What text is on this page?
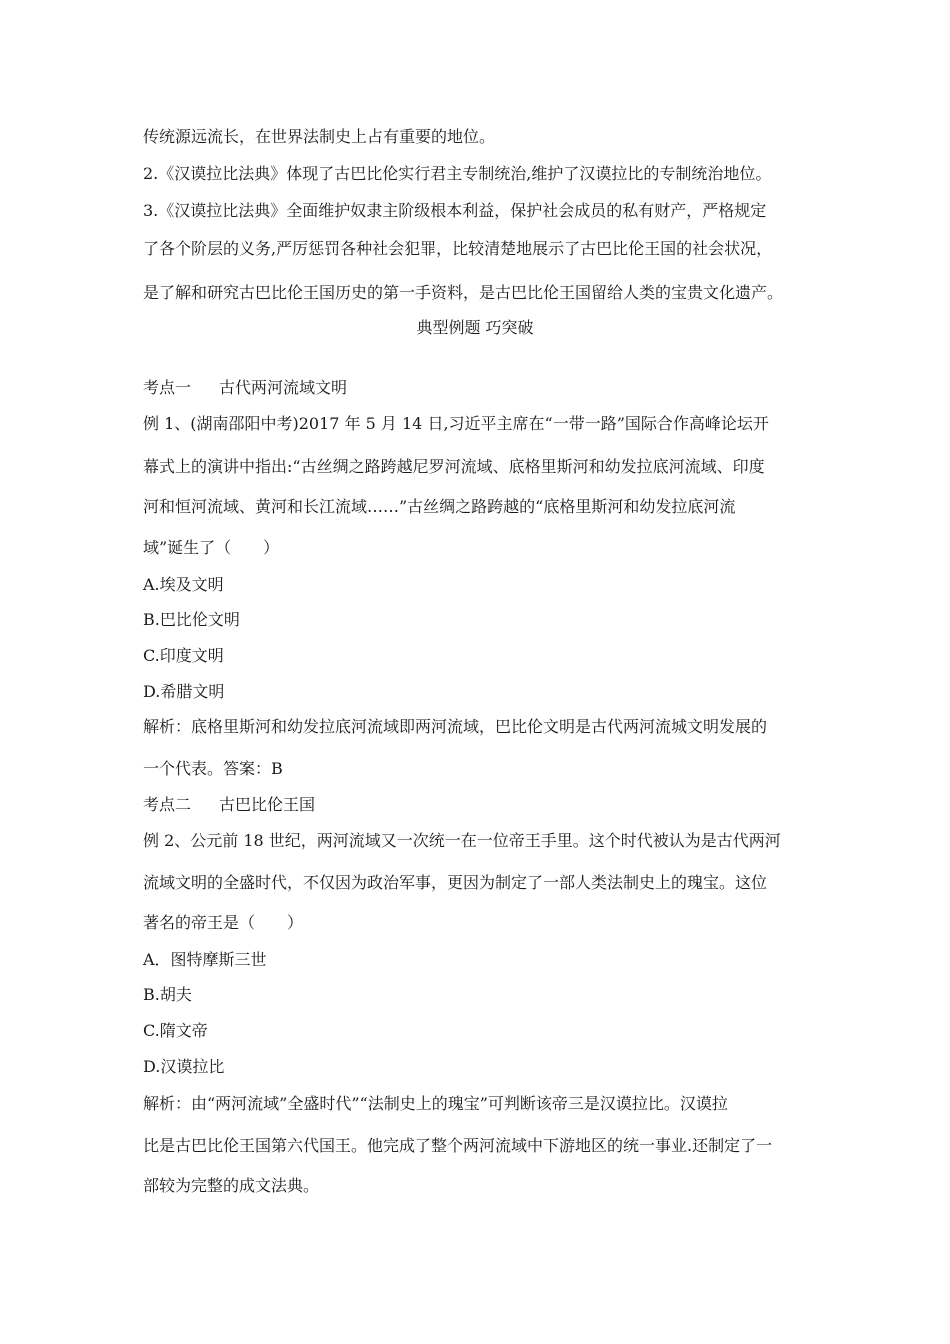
传统源远流长，在世界法制史上占有重要的地位。
2.《汉谟拉比法典》体现了古巴比伦实行君主专制统治,维护了汉谟拉比的专制统治地位。
3.《汉谟拉比法典》全面维护奴隶主阶级根本利益，保护社会成员的私有财产，严格规定
了各个阶层的义务,严厉惩罚各种社会犯罪，比较清楚地展示了古巴比伦王国的社会状况，
是了解和研究古巴比伦王国历史的第一手资料，是古巴比伦王国留给人类的宝贵文化遗产。
典型例题 巧突破
考点一 古代两河流域文明
例 1、(湖南邵阳中考)2017 年 5 月 14 日,习近平主席在“一带一路”国际合作高峰论坛开
幕式上的演讲中指出:“古丝绸之路跨越尼罗河流域、底格里斯河和幼发拉底河流域、印度
河和恒河流域、黄河和长江流域……”古丝绸之路跨越的“底格里斯河和幼发拉底河流
域”诞生了（　　）
A.埃及文明
B.巴比伦文明
C.印度文明
D.希腊文明
解析：底格里斯河和幼发拉底河流域即两河流域，巴比伦文明是古代两河流城文明发展的
一个代表。答案：B
考点二 古巴比伦王国
例 2、公元前 18 世纪，两河流域又一次统一在一位帝王手里。这个时代被认为是古代两河
流域文明的全盛时代，不仅因为政治军事，更因为制定了一部人类法制史上的瑰宝。这位
著名的帝王是（　　）
A．图特摩斯三世
B.胡夫
C.隋文帝
D.汉谟拉比
解析：由“两河流域”全盛时代”“法制史上的瑰宝”可判断该帝三是汉谟拉比。汉谟拉
比是古巴比伦王国第六代国王。他完成了整个两河流域中下游地区的统一事业.还制定了一
部较为完整的成文法典。
